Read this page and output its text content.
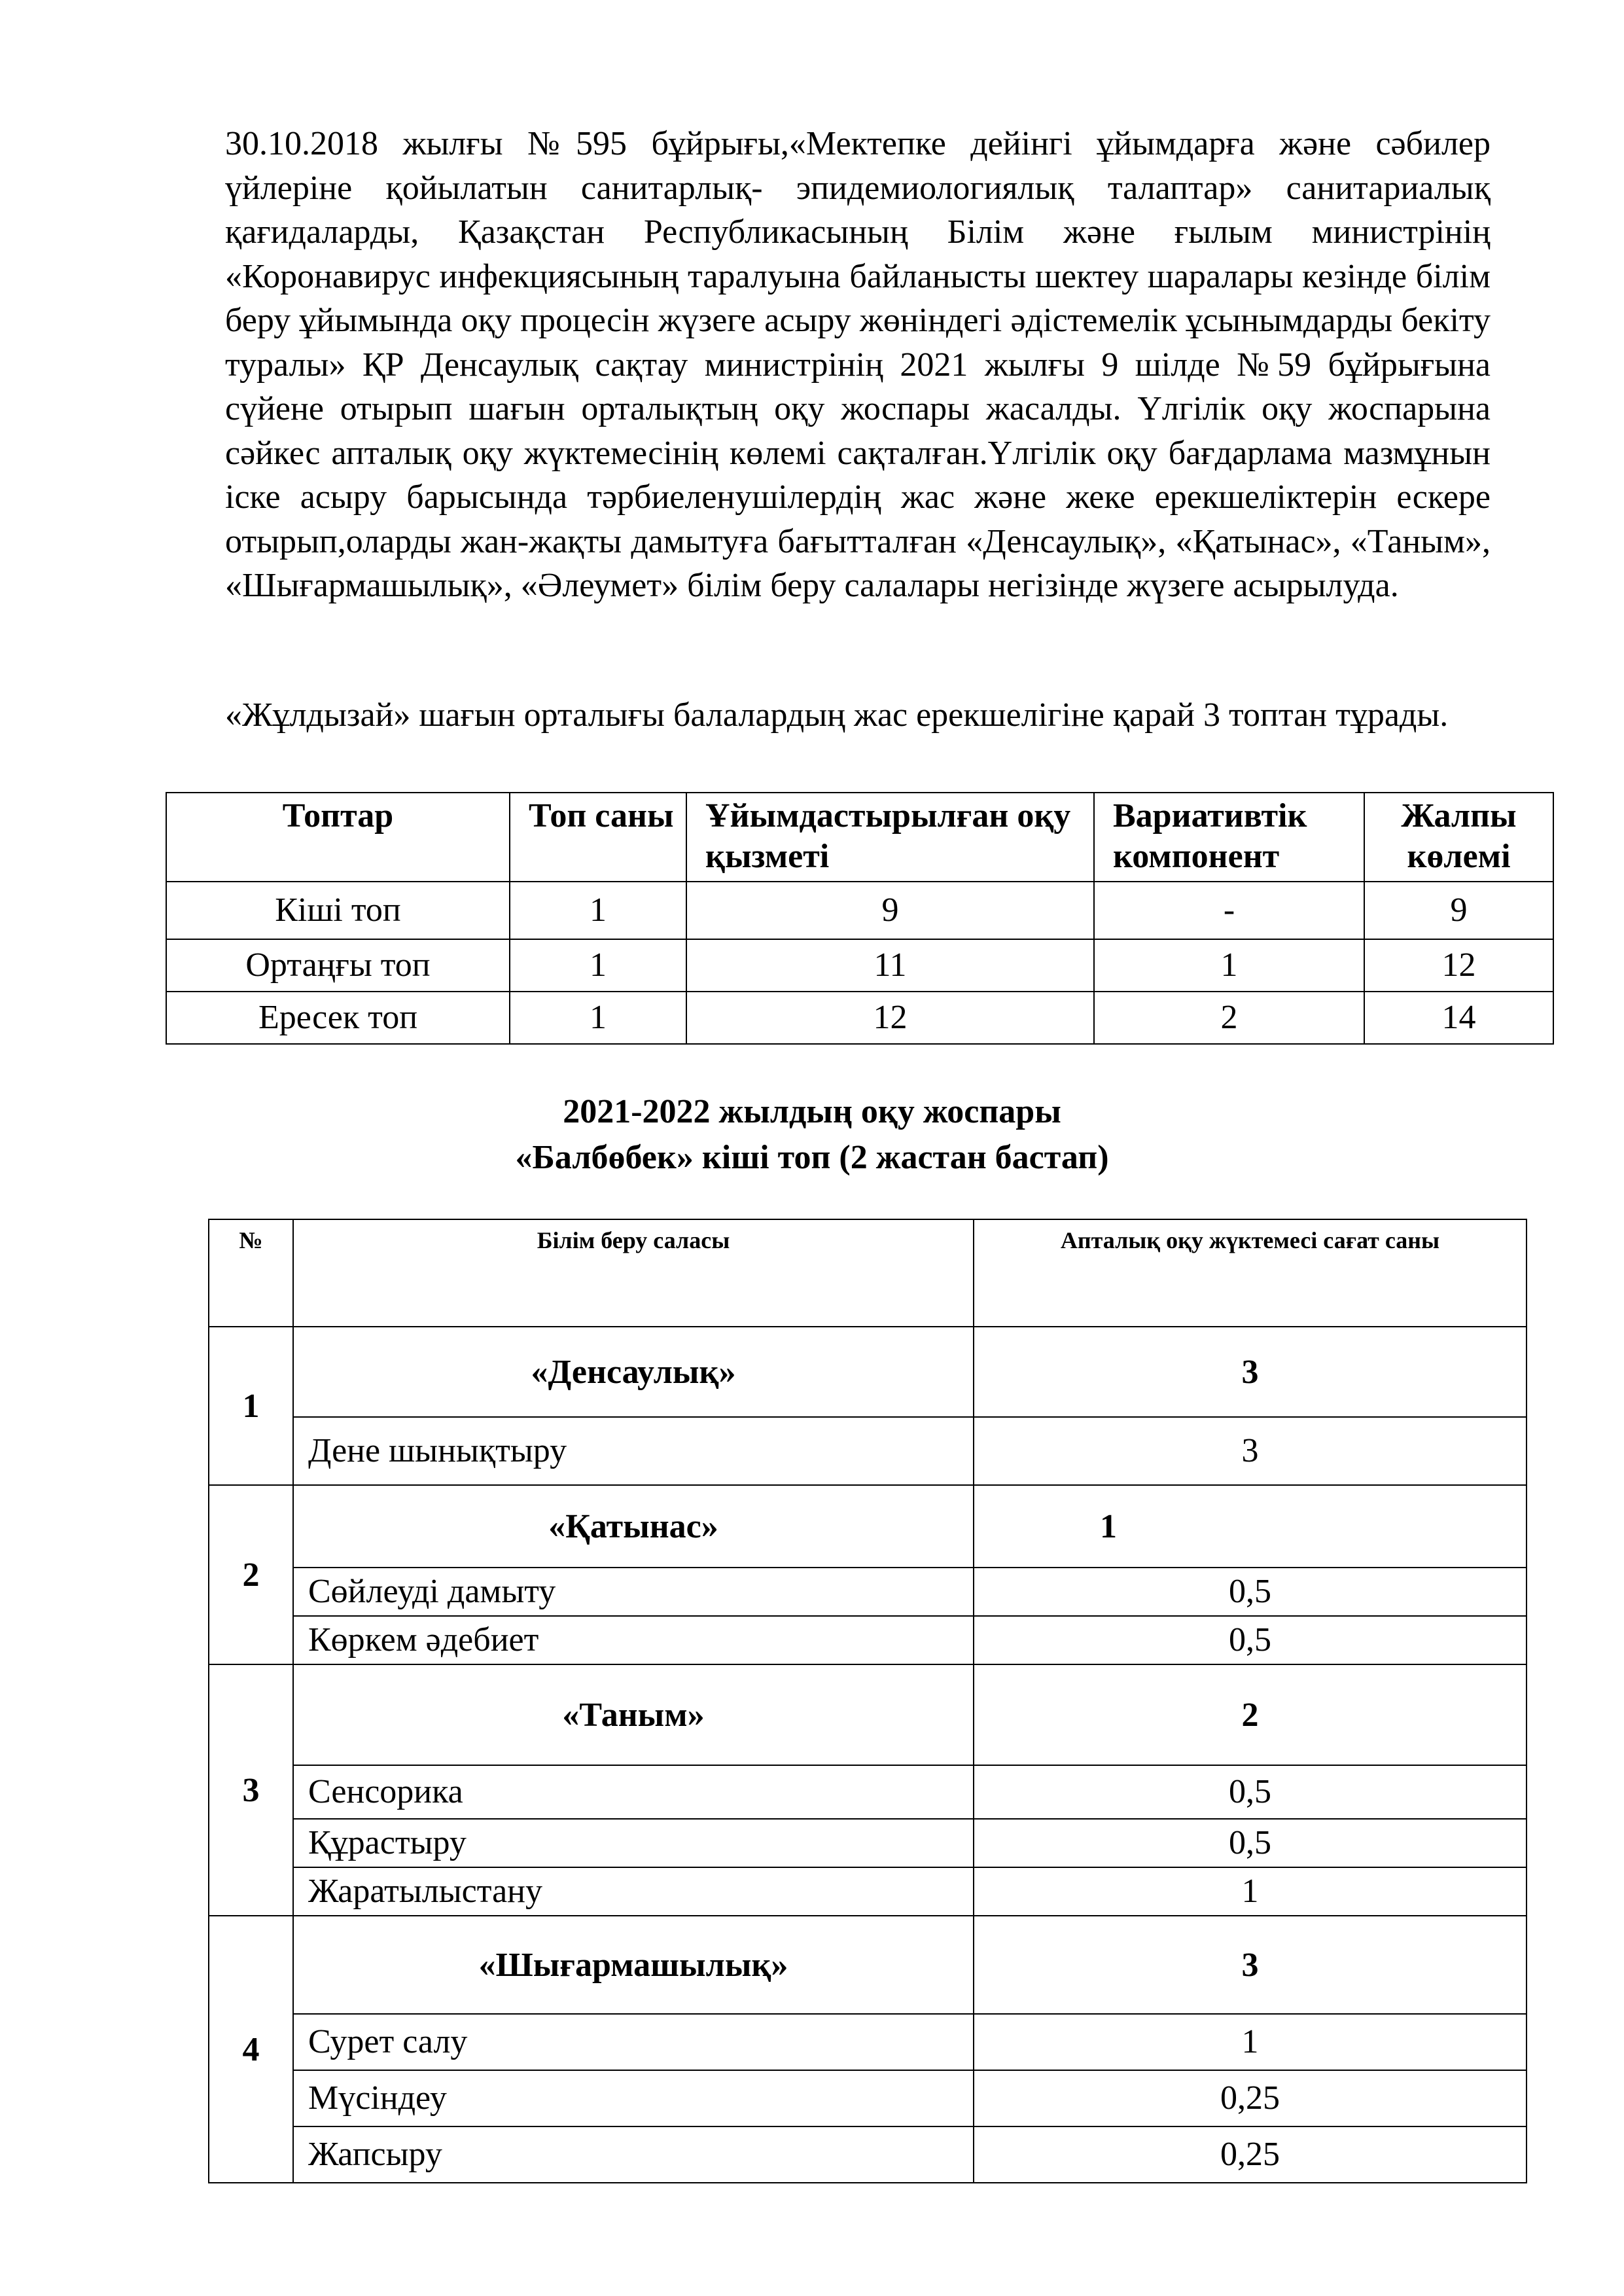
30.10.2018 жылғы №595 бұйрығы,«Мектепке дейінгі ұйымдарға және сәбилер үйлеріне қойылатын санитарлық- эпидемиологиялық талаптар» санитариалық қағидаларды, Қазақстан Республикасының Білім және ғылым министрінің «Коронавирус инфекциясының таралуына байланысты шектеу шаралары кезінде білім беру ұйымында оқу процесін жүзеге асыру жөніндегі әдістемелік ұсынымдарды бекіту туралы» ҚР Денсаулық сақтау министрінің 2021 жылғы 9 шілде №59 бұйрығына сүйене отырып шағын орталықтың оқу жоспары жасалды. Үлгілік оқу жоспарына сәйкес апталық оқу жүктемесінің көлемі сақталған.Үлгілік оқу бағдарлама мазмұнын іске асыру барысында тәрбиеленушілердің жас және жеке ерекшеліктерін ескере отырып,оларды жан-жақты дамытуға бағытталған «Денсаулық», «Қатынас», «Таным», «Шығармашылық», «Әлеумет» білім беру салалары негізінде жүзеге асырылуда.

«Жұлдызай» шағын орталығы балалардың жас ерекшелігіне қарай 3 топтан тұрады.

Топтар	Топ саны	Ұйымдастырылған оқу қызметі	Вариативтік компонент	Жалпы көлемі
Кіші топ	1	9	-	9
Ортаңғы топ	1	11	1	12
Ересек топ	1	12	2	14

2021-2022 жылдың оқу жоспары

«Балбөбек» кіші топ (2 жастан бастап)

№	Білім беру саласы	Апталық оқу жүктемесі сағат саны
1	«Денсаулық»	3
	Дене шынықтыру	3
2	«Қатынас»	1
	Сөйлеуді дамыту	0,5
	Көркем әдебиет	0,5
3	«Таным»	2
	Сенсорика	0,5
	Құрастыру	0,5
	Жаратылыстану	1
4	«Шығармашылық»	3
	Сурет салу	1
	Мүсіндеу	0,25
	Жапсыру	0,25
